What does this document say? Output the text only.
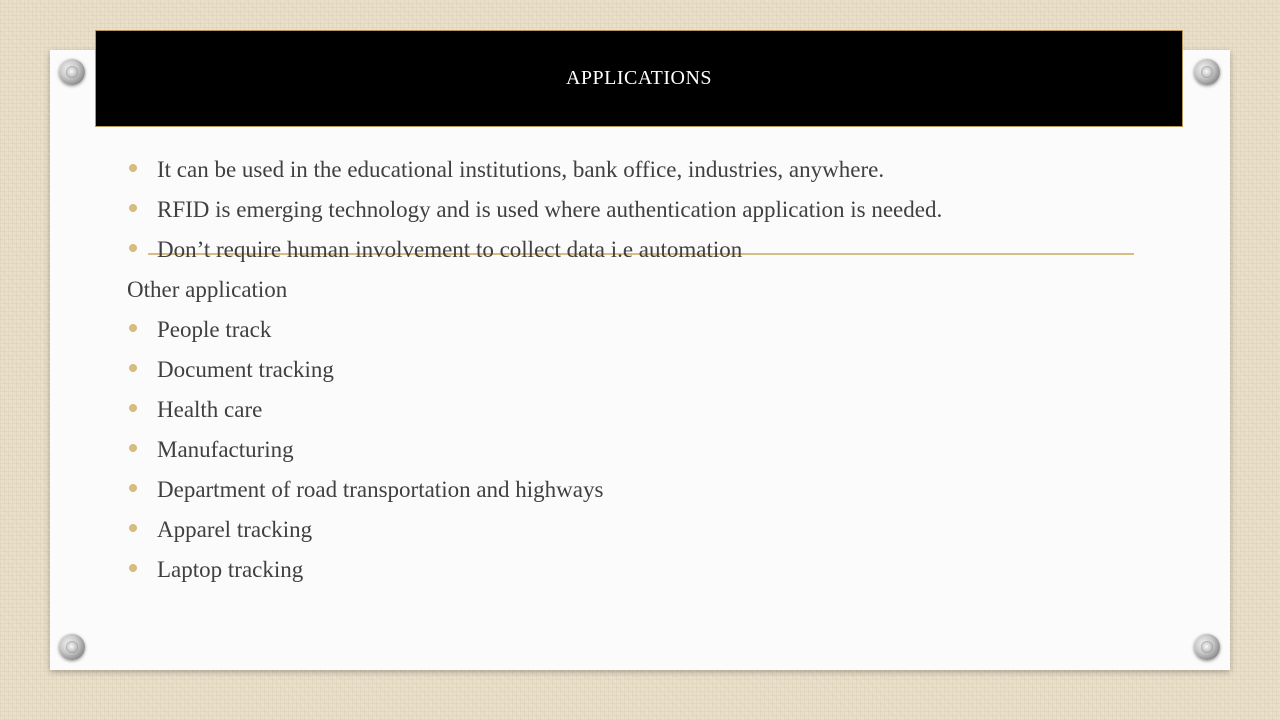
APPLICATIONS
It can be used in the educational institutions, bank office, industries, anywhere.
RFID is emerging technology and is used where authentication application is needed.
Don’t require human involvement to collect data i.e automation
Other application
People track
Document tracking
Health care
Manufacturing
Department of road transportation and highways
Apparel tracking
Laptop tracking
